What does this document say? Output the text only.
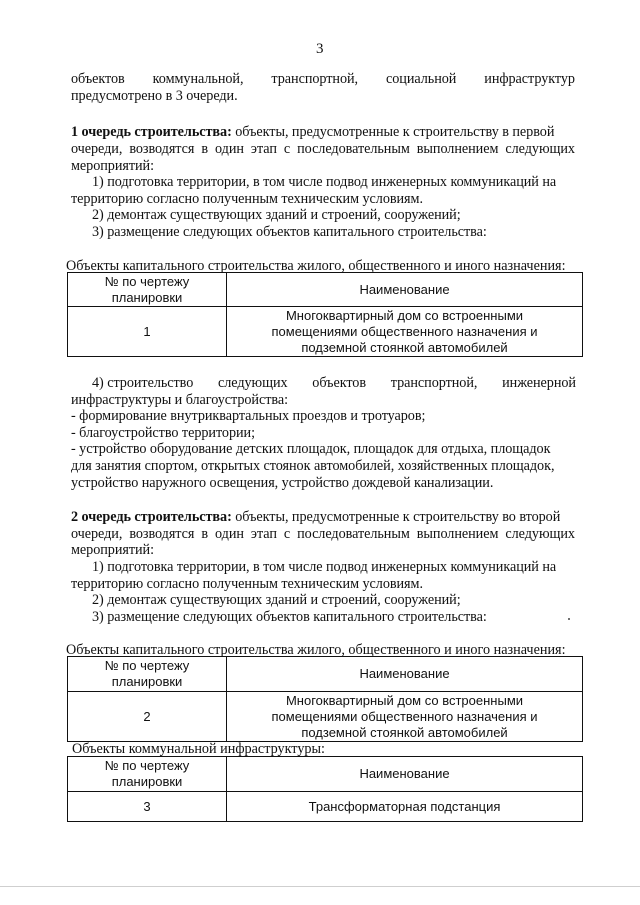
3
объектов коммунальной, транспортной, социальной инфраструктур
предусмотрено в 3 очереди.
1 очередь строительства: объекты, предусмотренные к строительству в первой
очереди, возводятся в один этап с последовательным выполнением следующих
мероприятий:
1) подготовка территории, в том числе подвод инженерных коммуникаций на
территорию согласно полученным техническим условиям.
2) демонтаж существующих зданий и строений, сооружений;
3) размещение следующих объектов капитального строительства:
Объекты капитального строительства жилого, общественного и иного назначения:
№ по чертежу
планировки	Наименование
1	Многоквартирный дом со встроенными
помещениями общественного назначения и
подземной стоянкой автомобилей
4) строительство следующих объектов транспортной, инженерной
инфраструктуры и благоустройства:
- формирование внутриквартальных проездов и тротуаров;
- благоустройство территории;
- устройство оборудование детских площадок, площадок для отдыха, площадок
для занятия спортом, открытых стоянок автомобилей, хозяйственных площадок,
устройство наружного освещения, устройство дождевой канализации.
2 очередь строительства: объекты, предусмотренные к строительству во второй
очереди, возводятся в один этап с последовательным выполнением следующих
мероприятий:
1) подготовка территории, в том числе подвод инженерных коммуникаций на
территорию согласно полученным техническим условиям.
2) демонтаж существующих зданий и строений, сооружений;
3) размещение следующих объектов капитального строительства:
Объекты капитального строительства жилого, общественного и иного назначения:
№ по чертежу
планировки	Наименование
2	Многоквартирный дом со встроенными
помещениями общественного назначения и
подземной стоянкой автомобилей
Объекты коммунальной инфраструктуры:
№ по чертежу
планировки	Наименование
3	Трансформаторная подстанция
